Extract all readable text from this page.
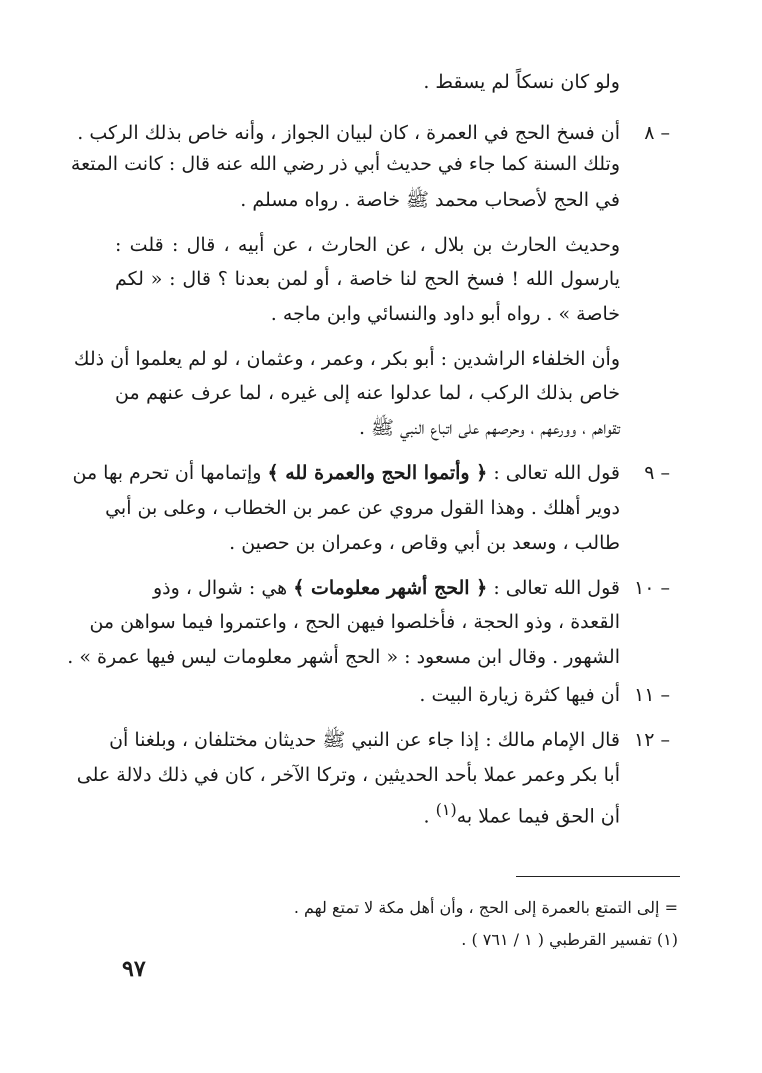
ولو كان نسكاً لم يسقط .
٨ –
أن فسخ الحج في العمرة ، كان لبيان الجواز ، وأنه خاص بذلك الركب .
وتلك السنة كما جاء في حديث أبي ذر رضي الله عنه قال : كانت المتعة
في الحج لأصحاب محمد ﷺ خاصة . رواه مسلم .
وحديث الحارث بن بلال ، عن الحارث ، عن أبيه ، قال : قلت :
يارسول الله ! فسخ الحج لنا خاصة ، أو لمن بعدنا ؟ قال : « لكم
خاصة » . رواه أبو داود والنسائي وابن ماجه .
وأن الخلفاء الراشدين : أبو بكر ، وعمر ، وعثمان ، لو لم يعلموا أن ذلك
خاص بذلك الركب ، لما عدلوا عنه إلى غيره ، لما عرف عنهم من
تقواهم ، وورعهم ، وحرصهم على اتباع النبي ﷺ .
٩ –
قول الله تعالى : ﴿ وأتموا الحج والعمرة لله ﴾ وإتمامها أن تحرم بها من
دوير أهلك . وهذا القول مروي عن عمر بن الخطاب ، وعلى بن أبي
طالب ، وسعد بن أبي وقاص ، وعمران بن حصين .
١٠ –
قول الله تعالى : ﴿ الحج أشهر معلومات ﴾ هي : شوال ، وذو
القعدة ، وذو الحجة ، فأخلصوا فيهن الحج ، واعتمروا فيما سواهن من
الشهور . وقال ابن مسعود : « الحج أشهر معلومات ليس فيها عمرة » .
١١ –
أن فيها كثرة زيارة البيت .
١٢ –
قال الإمام مالك : إذا جاء عن النبي ﷺ حديثان مختلفان ، وبلغنا أن
أبا بكر وعمر عملا بأحد الحديثين ، وتركا الآخر ، كان في ذلك دلالة على
أن الحق فيما عملا به$^{(١)}$ .
= إلى التمتع بالعمرة إلى الحج ، وأن أهل مكة لا تمتع لهم .
(١) تفسير القرطبي ( ١ / ٧٦١ ) .
٩٧
